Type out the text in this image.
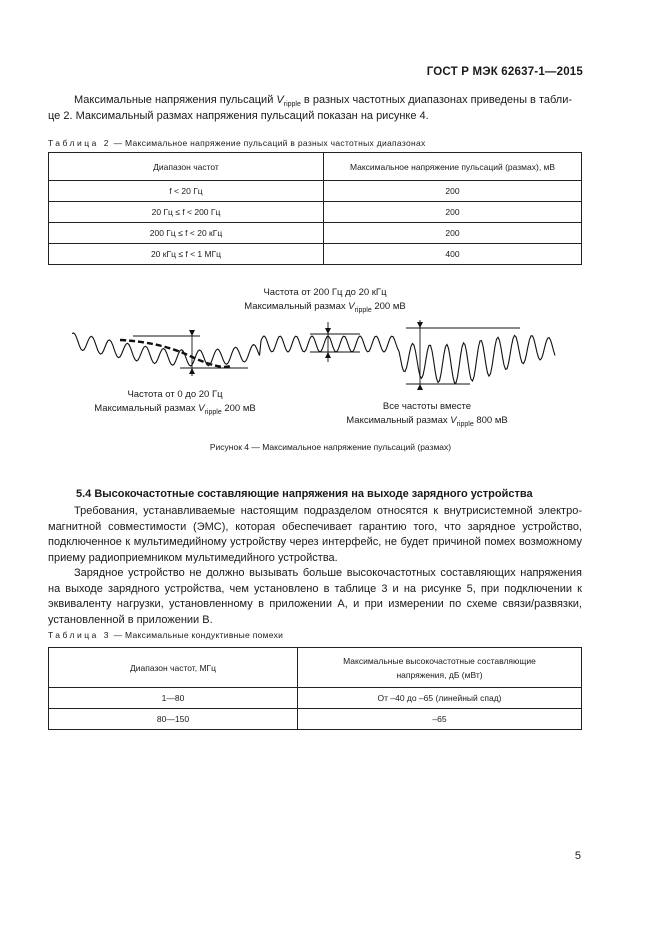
ГОСТ Р МЭК 62637-1—2015
Максимальные напряжения пульсаций $V_{ripple}$ в разных частотных диапазонах приведены в табли-
це 2. Максимальный размах напряжения пульсаций показан на рисунке 4.
Таблица 2 — Максимальное напряжение пульсаций в разных частотных диапазонах
Диапазон частот	Максимальное напряжение пульсаций (размах), мВ
f < 20 Гц	200
20 Гц ≤ f < 200 Гц	200
200 Гц ≤ f < 20 кГц	200
20 кГц ≤ f < 1 МГц	400
Частота от 200 Гц до 20 кГц
Максимальный размах $V_{ripple}$ 200 мВ
Частота от 0 до 20 Гц
Максимальный размах $V_{ripple}$ 200 мВ	Все частоты вместе
Максимальный размах $V_{ripple}$ 800 мВ
Рисунок 4 — Максимальное напряжение пульсаций (размах)
5.4 Высокочастотные составляющие напряжения на выходе зарядного устройства
Требования, устанавливаемые настоящим подразделом относятся к внутрисистемной электро-магнитной совместимости (ЭМС), которая обеспечивает гарантию того, что зарядное устройство, подключенное к мультимедийному устройству через интерфейс, не будет причиной помех возможному приему радиоприемником мультимедийного устройства.
Зарядное устройство не должно вызывать больше высокочастотных составляющих напряжения на выходе зарядного устройства, чем установлено в таблице 3 и на рисунке 5, при подключении к эквиваленту нагрузки, установленному в приложении А, и при измерении по схеме связи/развязки, установленной в приложении В.
Таблица 3 — Максимальные кондуктивные помехи
Диапазон частот, МГц	Максимальные высокочастотные составляющие напряжения, дБ (мВт)
1—80	От –40 до –65 (линейный спад)
80—150	–65
5
